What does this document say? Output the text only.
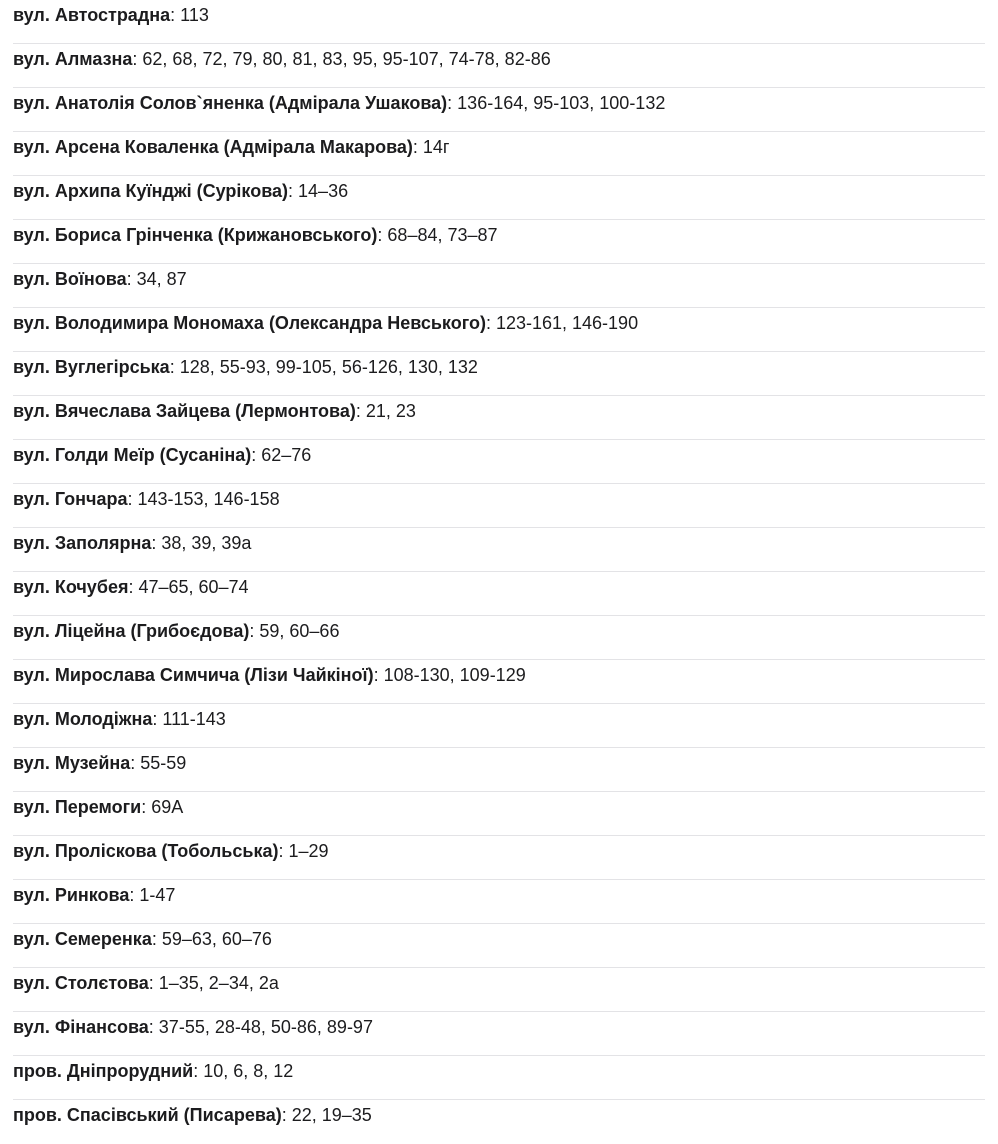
вул. Автострадна: 113
вул. Алмазна: 62, 68, 72, 79, 80, 81, 83, 95, 95-107, 74-78, 82-86
вул. Анатолія Солов`яненка (Адмірала Ушакова): 136-164, 95-103, 100-132
вул. Арсена Коваленка (Адмірала Макарова): 14г
вул. Архипа Куїнджі (Сурікова): 14–36
вул. Бориса Грінченка (Крижановського): 68–84, 73–87
вул. Воїнова: 34, 87
вул. Володимира Мономаха (Олександра Невського): 123-161, 146-190
вул. Вуглегірська: 128, 55-93, 99-105, 56-126, 130, 132
вул. Вячеслава Зайцева (Лермонтова): 21, 23
вул. Голди Меїр (Сусаніна): 62–76
вул. Гончара: 143-153, 146-158
вул. Заполярна: 38, 39, 39а
вул. Кочубея: 47–65, 60–74
вул. Ліцейна (Грибоєдова): 59, 60–66
вул. Мирослава Симчича (Лізи Чайкіної): 108-130, 109-129
вул. Молодіжна: 111-143
вул. Музейна: 55-59
вул. Перемоги: 69А
вул. Пролiскова (Тобольська): 1–29
вул. Ринкова: 1-47
вул. Семеренка: 59–63, 60–76
вул. Столєтова: 1–35, 2–34, 2а
вул. Фінансова: 37-55, 28-48, 50-86, 89-97
пров. Дніпрорудний: 10, 6, 8, 12
пров. Спасівський (Писарева): 22, 19–35
